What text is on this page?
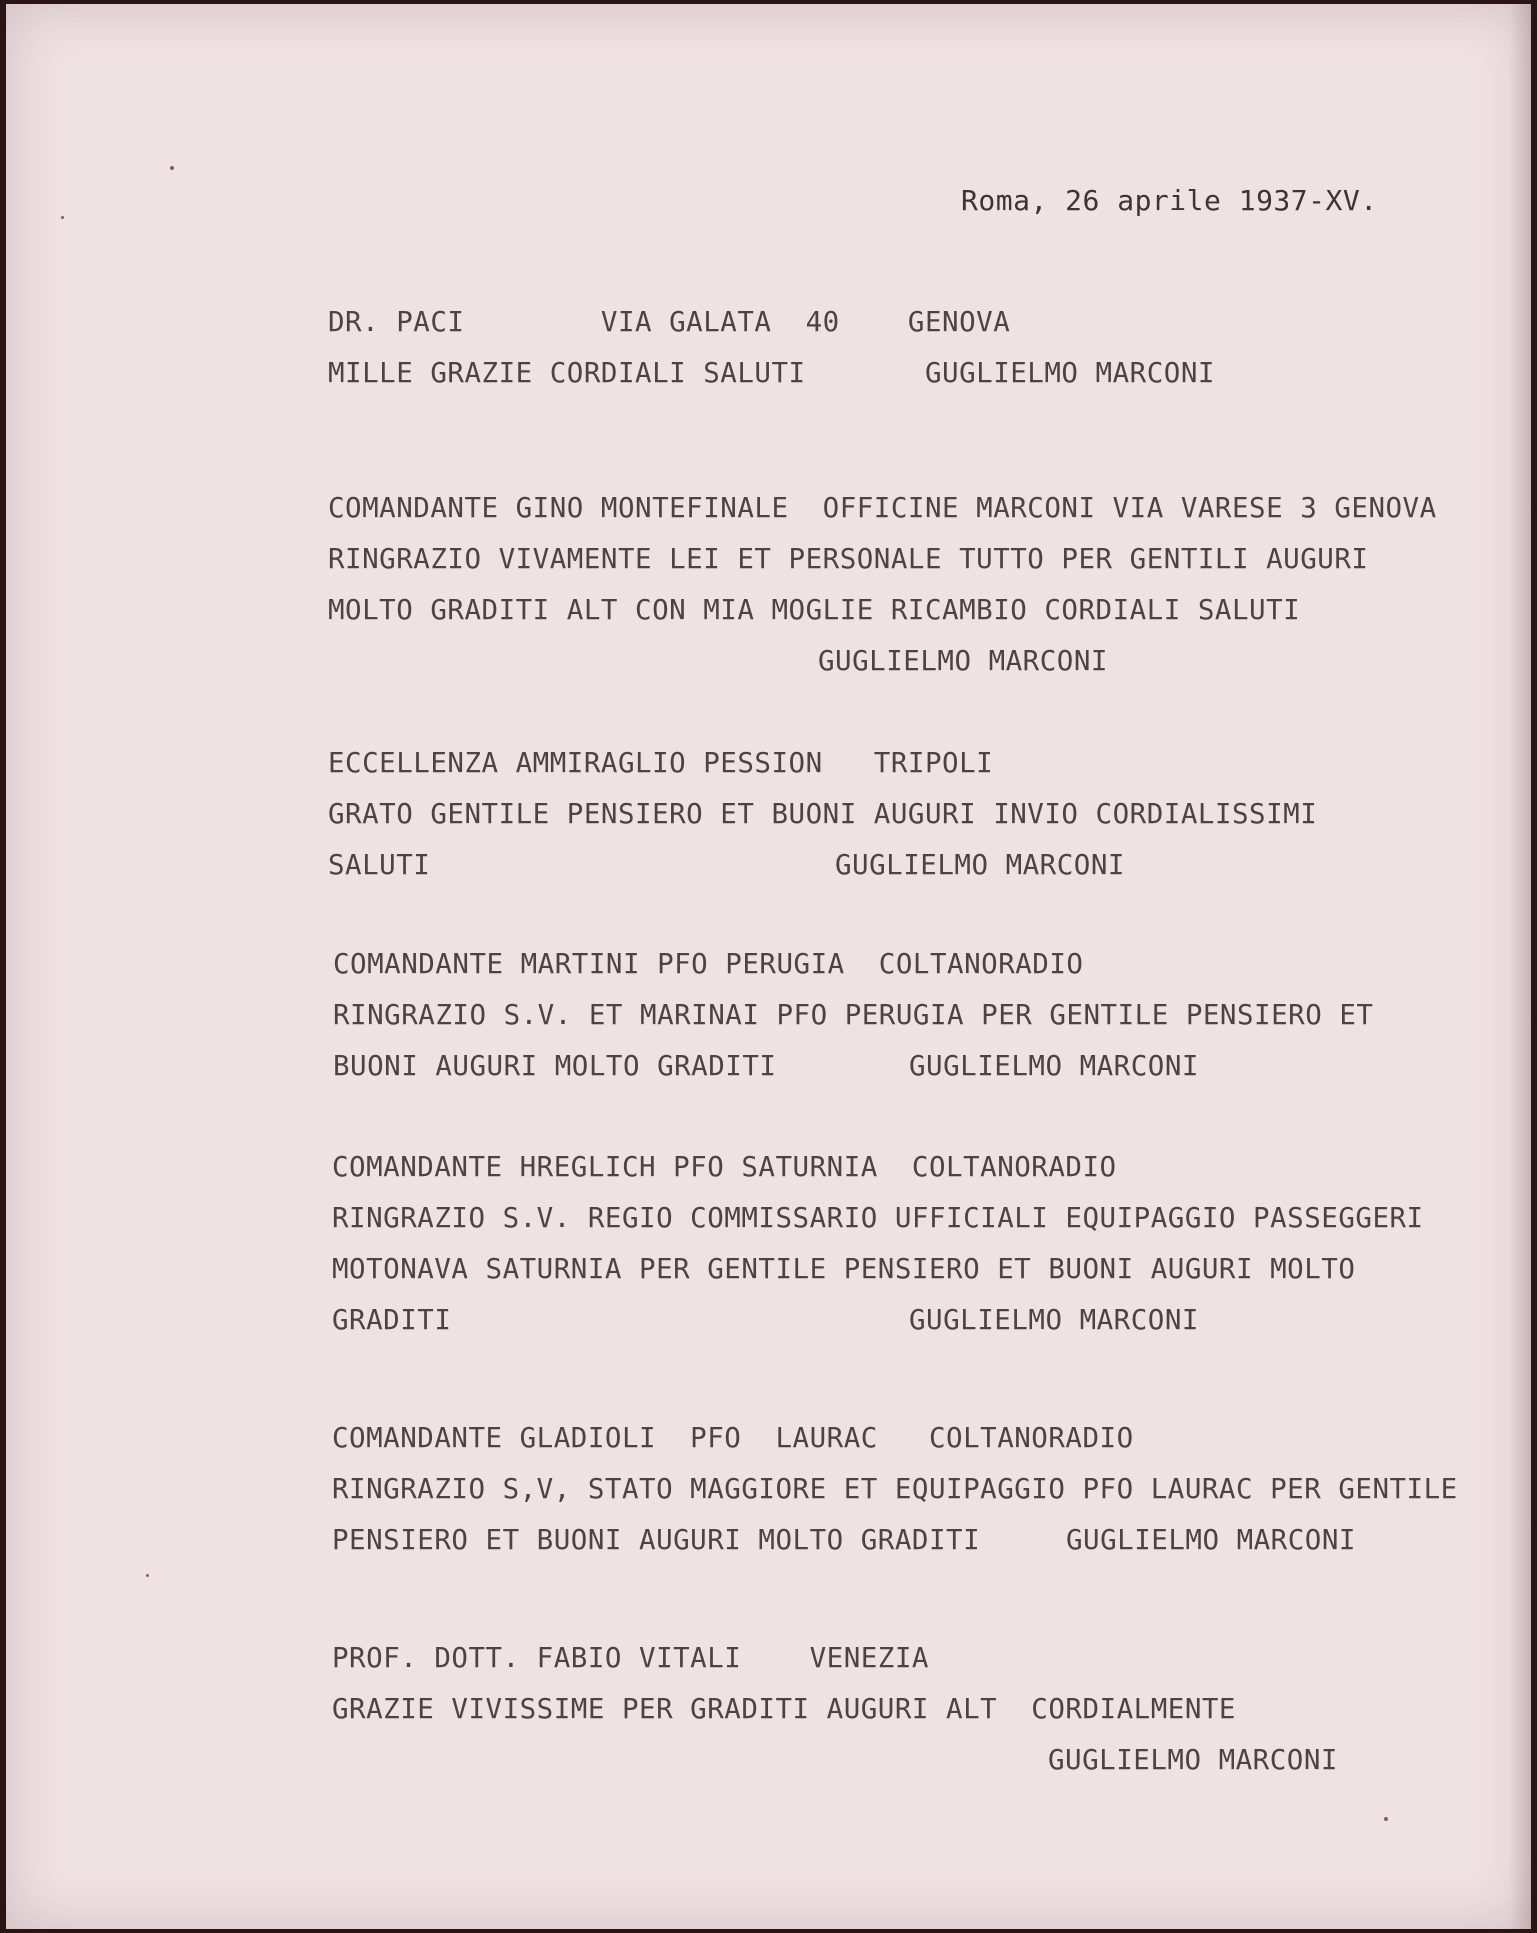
Roma, 26 aprile 1937-XV.
DR. PACI        VIA GALATA  40    GENOVA
MILLE GRAZIE CORDIALI SALUTI       GUGLIELMO MARCONI
COMANDANTE GINO MONTEFINALE  OFFICINE MARCONI VIA VARESE 3 GENOVA
RINGRAZIO VIVAMENTE LEI ET PERSONALE TUTTO PER GENTILI AUGURI
MOLTO GRADITI ALT CON MIA MOGLIE RICAMBIO CORDIALI SALUTI
GUGLIELMO MARCONI
ECCELLENZA AMMIRAGLIO PESSION   TRIPOLI
GRATO GENTILE PENSIERO ET BUONI AUGURI INVIO CORDIALISSIMI
SALUTI	GUGLIELMO MARCONI
COMANDANTE MARTINI PFO PERUGIA  COLTANORADIO
RINGRAZIO S.V. ET MARINAI PFO PERUGIA PER GENTILE PENSIERO ET
BUONI AUGURI MOLTO GRADITI	GUGLIELMO MARCONI
COMANDANTE HREGLICH PFO SATURNIA  COLTANORADIO
RINGRAZIO S.V. REGIO COMMISSARIO UFFICIALI EQUIPAGGIO PASSEGGERI
MOTONAVA SATURNIA PER GENTILE PENSIERO ET BUONI AUGURI MOLTO
GRADITI	GUGLIELMO MARCONI
COMANDANTE GLADIOLI  PFO  LAURAC   COLTANORADIO
RINGRAZIO S,V, STATO MAGGIORE ET EQUIPAGGIO PFO LAURAC PER GENTILE
PENSIERO ET BUONI AUGURI MOLTO GRADITI	GUGLIELMO MARCONI
PROF. DOTT. FABIO VITALI    VENEZIA
GRAZIE VIVISSIME PER GRADITI AUGURI ALT  CORDIALMENTE
GUGLIELMO MARCONI
